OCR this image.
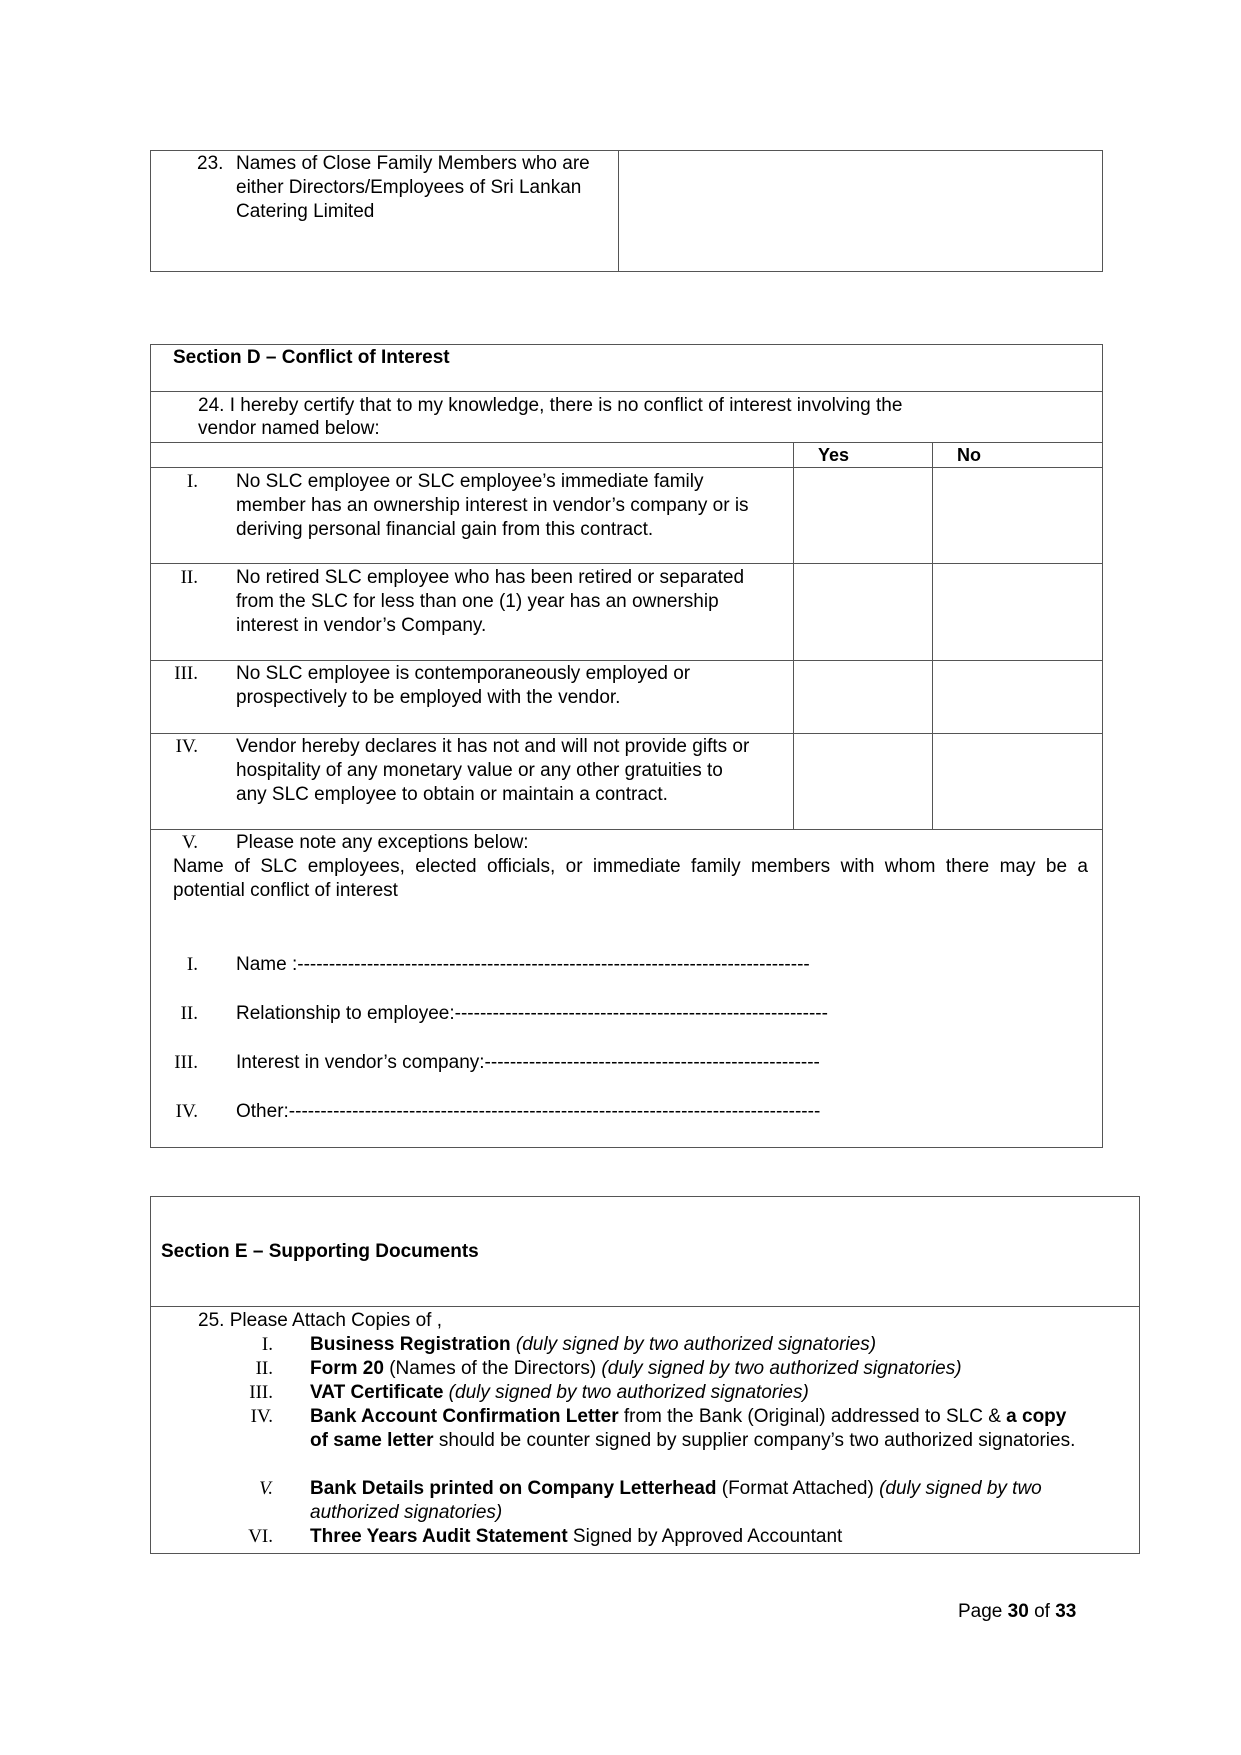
23. Names of Close Family Members who are
either Directors/Employees of Sri Lankan
Catering Limited
Section D – Conflict of Interest
24. I hereby certify that to my knowledge, there is no conflict of interest involving the
vendor named below:
Yes	No
I. No SLC employee or SLC employee’s immediate family
member has an ownership interest in vendor’s company or is
deriving personal financial gain from this contract.
II. No retired SLC employee who has been retired or separated
from the SLC for less than one (1) year has an ownership
interest in vendor’s Company.
III. No SLC employee is contemporaneously employed or
prospectively to be employed with the vendor.
IV. Vendor hereby declares it has not and will not provide gifts or
hospitality of any monetary value or any other gratuities to
any SLC employee to obtain or maintain a contract.
V. Please note any exceptions below:
Name of SLC employees, elected officials, or immediate family members with whom there may be a
potential conflict of interest
I. Name :---------------------------------------------------------------------------------
II. Relationship to employee:-----------------------------------------------------------
III. Interest in vendor’s company:-----------------------------------------------------
IV. Other:------------------------------------------------------------------------------------
Section E – Supporting Documents
25. Please Attach Copies of ,
I. Business Registration (duly signed by two authorized signatories)
II. Form 20 (Names of the Directors) (duly signed by two authorized signatories)
III. VAT Certificate (duly signed by two authorized signatories)
IV. Bank Account Confirmation Letter from the Bank (Original) addressed to SLC & a copy
of same letter should be counter signed by supplier company’s two authorized signatories.
V. Bank Details printed on Company Letterhead (Format Attached) (duly signed by two
authorized signatories)
VI. Three Years Audit Statement Signed by Approved Accountant
Page 30 of 33
